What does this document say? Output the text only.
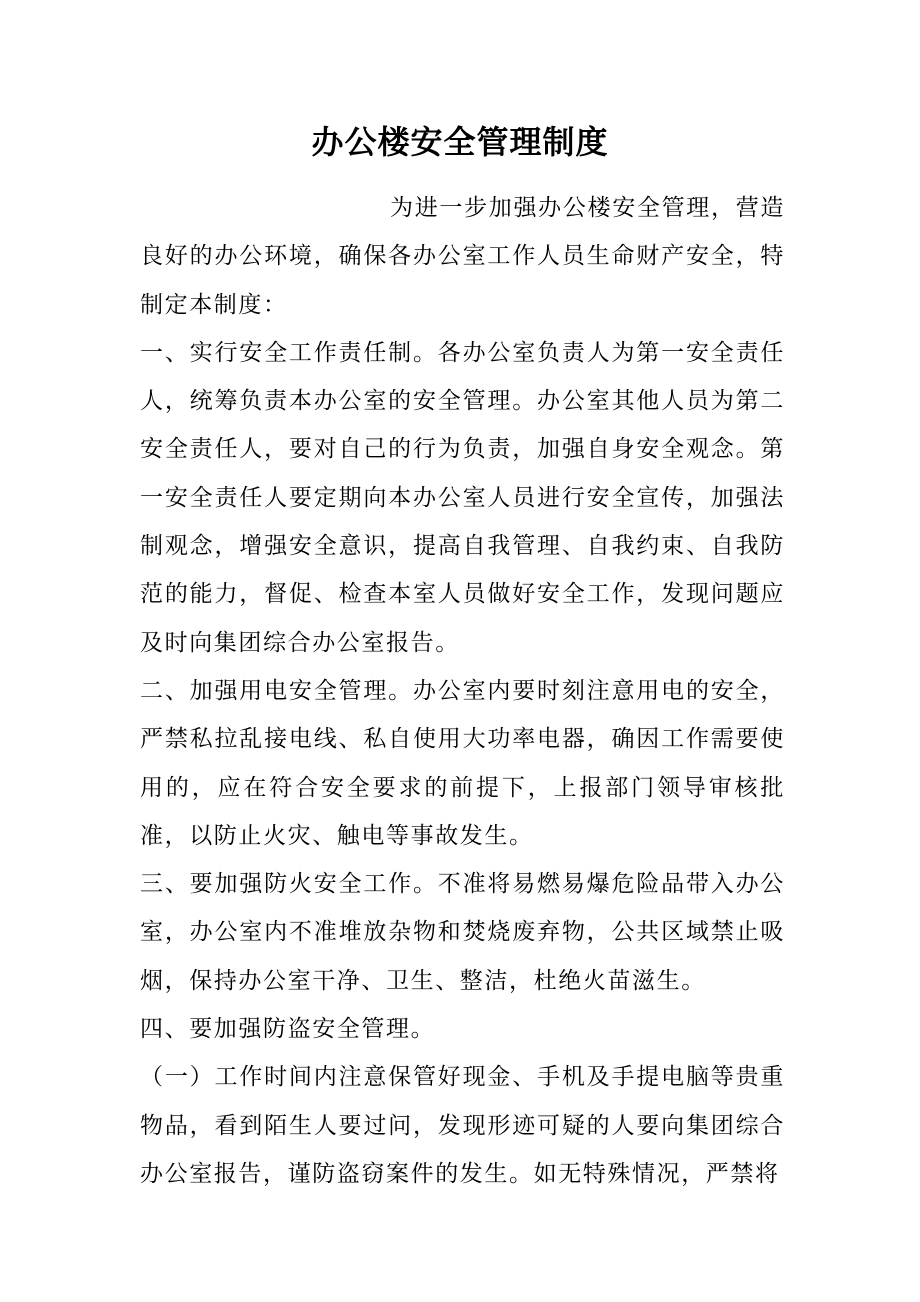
办公楼安全管理制度

为进一步加强办公楼安全管理，营造良好的办公环境，确保各办公室工作人员生命财产安全，特制定本制度：

一、实行安全工作责任制。各办公室负责人为第一安全责任人，统筹负责本办公室的安全管理。办公室其他人员为第二安全责任人，要对自己的行为负责，加强自身安全观念。第一安全责任人要定期向本办公室人员进行安全宣传，加强法制观念，增强安全意识，提高自我管理、自我约束、自我防范的能力，督促、检查本室人员做好安全工作，发现问题应及时向集团综合办公室报告。

二、加强用电安全管理。办公室内要时刻注意用电的安全，严禁私拉乱接电线、私自使用大功率电器，确因工作需要使用的，应在符合安全要求的前提下，上报部门领导审核批准，以防止火灾、触电等事故发生。

三、要加强防火安全工作。不准将易燃易爆危险品带入办公室，办公室内不准堆放杂物和焚烧废弃物，公共区域禁止吸烟，保持办公室干净、卫生、整洁，杜绝火苗滋生。

四、要加强防盗安全管理。

（一）工作时间内注意保管好现金、手机及手提电脑等贵重物品，看到陌生人要过问，发现形迹可疑的人要向集团综合办公室报告，谨防盗窃案件的发生。如无特殊情况，严禁将
